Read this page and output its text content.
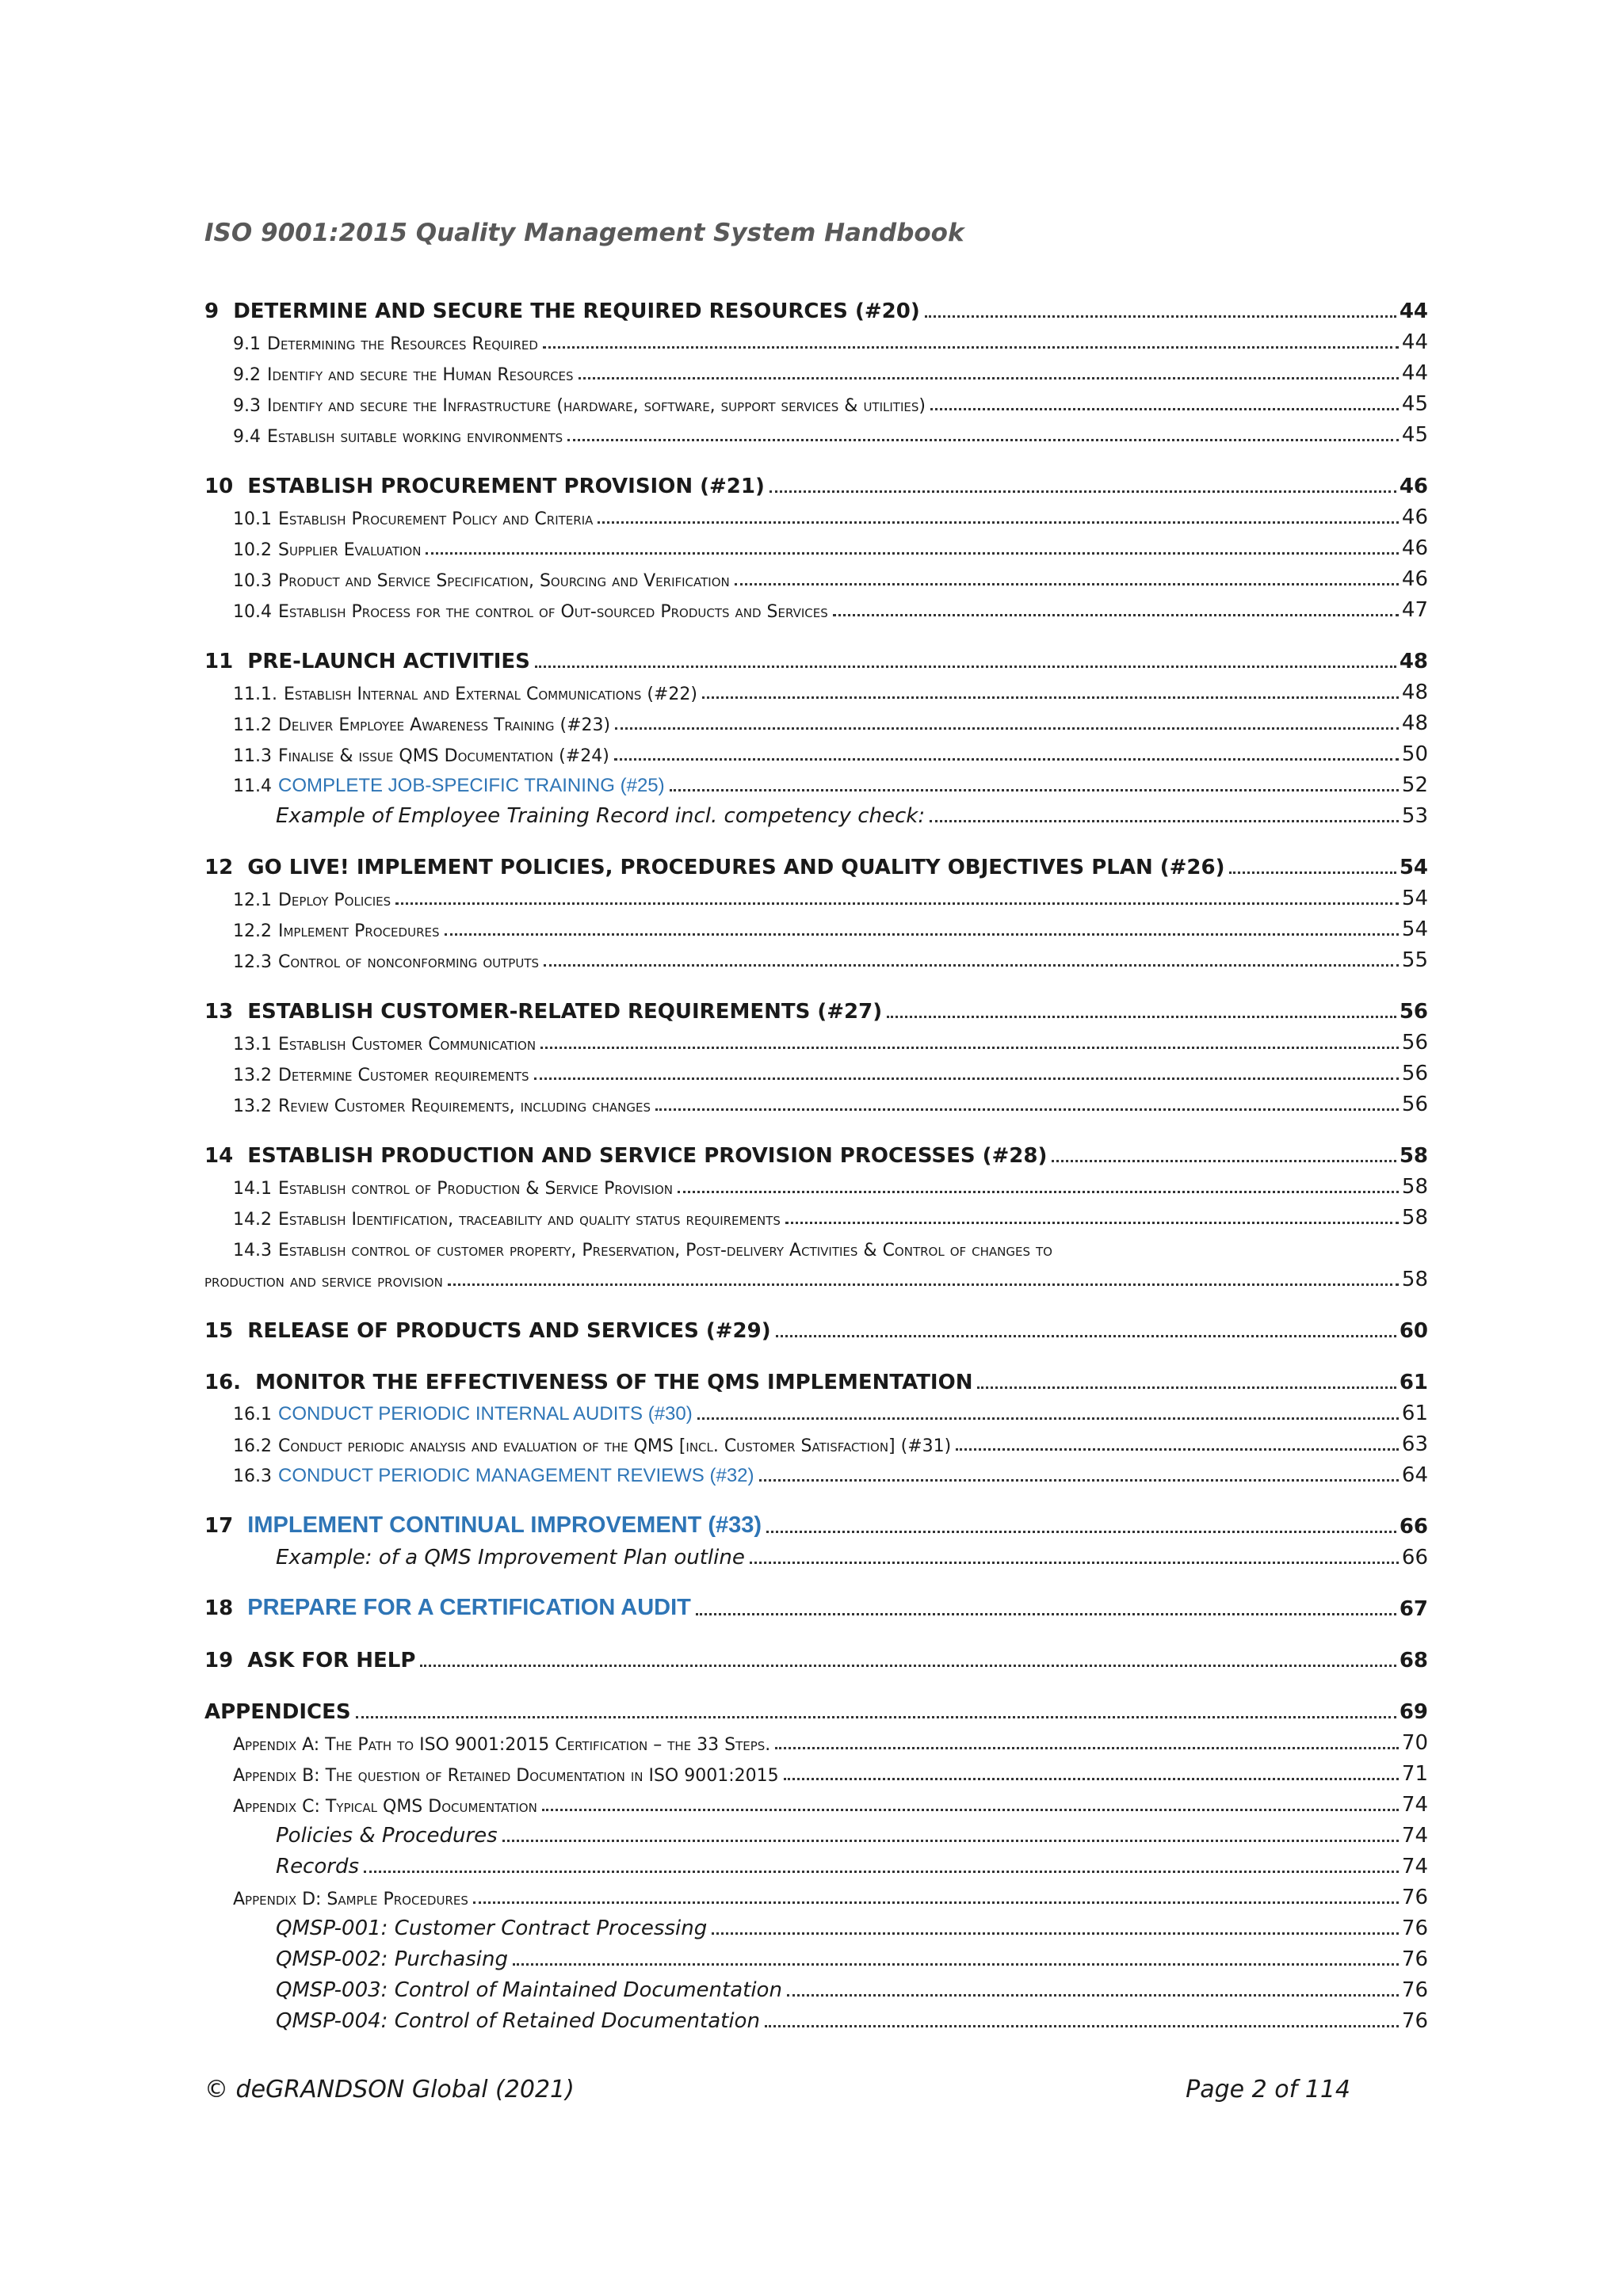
ISO 9001:2015 Quality Management System Handbook
9 DETERMINE AND SECURE THE REQUIRED RESOURCES (#20)	44
9.1 Determining the Resources Required	44
9.2 Identify and secure the Human Resources	44
9.3 Identify and secure the Infrastructure (hardware, software, support services & utilities)	45
9.4 Establish suitable working environments	45
10 ESTABLISH PROCUREMENT PROVISION (#21)	46
10.1 Establish Procurement Policy and Criteria	46
10.2 Supplier Evaluation	46
10.3 Product and Service Specification, Sourcing and Verification	46
10.4 Establish Process for the control of Out-sourced Products and Services	47
11 PRE-LAUNCH ACTIVITIES	48
11.1. Establish Internal and External Communications (#22)	48
11.2 Deliver Employee Awareness Training (#23)	48
11.3 Finalise & issue QMS Documentation (#24)	50
11.4 COMPLETE JOB-SPECIFIC TRAINING (#25)	52
Example of Employee Training Record incl. competency check:	53
12 GO LIVE! IMPLEMENT POLICIES, PROCEDURES AND QUALITY OBJECTIVES PLAN (#26)	54
12.1 Deploy Policies	54
12.2 Implement Procedures	54
12.3 Control of nonconforming outputs	55
13 ESTABLISH CUSTOMER-RELATED REQUIREMENTS (#27)	56
13.1 Establish Customer Communication	56
13.2 Determine Customer requirements	56
13.2 Review Customer Requirements, including changes	56
14 ESTABLISH PRODUCTION AND SERVICE PROVISION PROCESSES (#28)	58
14.1 Establish control of Production & Service Provision	58
14.2 Establish Identification, traceability and quality status requirements	58
14.3 Establish control of customer property, Preservation, Post-delivery Activities & Control of changes to
production and service provision	58
15 RELEASE OF PRODUCTS AND SERVICES (#29)	60
16. MONITOR THE EFFECTIVENESS OF THE QMS IMPLEMENTATION	61
16.1 CONDUCT PERIODIC INTERNAL AUDITS (#30)	61
16.2 Conduct periodic analysis and evaluation of the QMS [incl. Customer Satisfaction] (#31)	63
16.3 CONDUCT PERIODIC MANAGEMENT REVIEWS (#32)	64
17 IMPLEMENT CONTINUAL IMPROVEMENT (#33)	66
Example: of a QMS Improvement Plan outline	66
18 PREPARE FOR A CERTIFICATION AUDIT	67
19 ASK FOR HELP	68
APPENDICES	69
Appendix A: The Path to ISO 9001:2015 Certification – the 33 Steps.	70
Appendix B: The question of Retained Documentation in ISO 9001:2015	71
Appendix C: Typical QMS Documentation	74
Policies & Procedures	74
Records	74
Appendix D: Sample Procedures	76
QMSP-001: Customer Contract Processing	76
QMSP-002: Purchasing	76
QMSP-003: Control of Maintained Documentation	76
QMSP-004: Control of Retained Documentation	76
© deGRANDSON Global (2021)	Page 2 of 114
